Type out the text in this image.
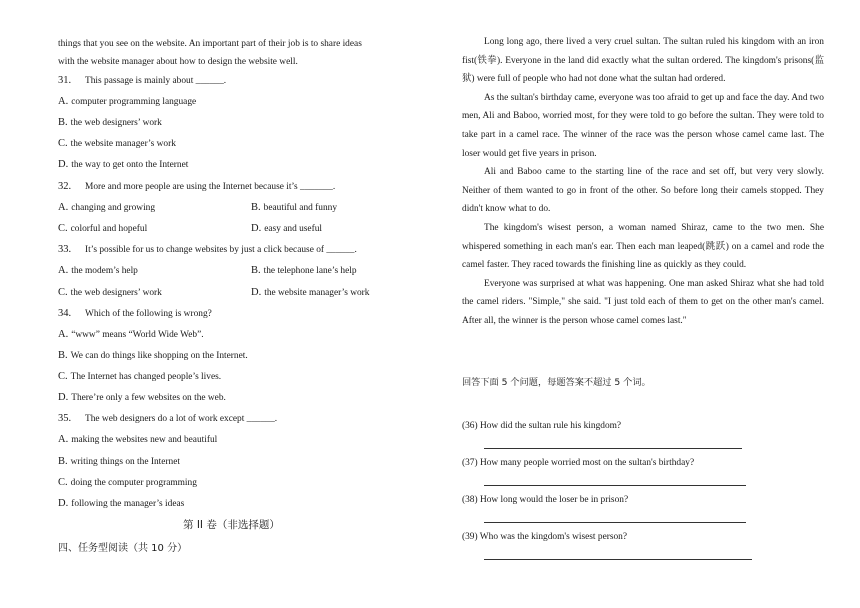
things that you see on the website. An important part of their job is to share ideas
with the website manager about how to design the website well.
31. This passage is mainly about ______.
A. computer programming language
B. the web designers’ work
C. the website manager’s work
D. the way to get onto the Internet
32. More and more people are using the Internet because it’s _______.
A. changing and growing	B. beautiful and funny
C. colorful and hopeful	D. easy and useful
33. It’s possible for us to change websites by just a click because of ______.
A. the modem’s help	B. the telephone lane’s help
C. the web designers’ work	D. the website manager’s work
34. Which of the following is wrong?
A. “www” means “World Wide Web”.
B. We can do things like shopping on the Internet.
C. The Internet has changed people’s lives.
D. There’re only a few websites on the web.
35. The web designers do a lot of work except ______.
A. making the websites new and beautiful
B. writing things on the Internet
C. doing the computer programming
D. following the manager’s ideas
第 II 卷（非选择题）
四、任务型阅读（共 10 分）

Long long ago, there lived a very cruel sultan. The sultan ruled his kingdom with an iron fist(铁拳). Everyone in the land did exactly what the sultan ordered. The kingdom's prisons(监狱) were full of people who had not done what the sultan had ordered.

As the sultan's birthday came, everyone was too afraid to get up and face the day. And two men, Ali and Baboo, worried most, for they were told to go before the sultan. They were told to take part in a camel race. The winner of the race was the person whose camel came last. The loser would get five years in prison.

Ali and Baboo came to the starting line of the race and set off, but very very slowly. Neither of them wanted to go in front of the other. So before long their camels stopped. They didn't know what to do.

The kingdom's wisest person, a woman named Shiraz, came to the two men. She whispered something in each man's ear. Then each man leaped(跳跃) on a camel and rode the camel faster. They raced towards the finishing line as quickly as they could.

Everyone was surprised at what was happening. One man asked Shiraz what she had told the camel riders. "Simple," she said. "I just told each of them to get on the other man's camel. After all, the winner is the person whose camel comes last."

回答下面 5 个问题，每题答案不超过 5 个词。
(36) How did the sultan rule his kingdom?
(37) How many people worried most on the sultan's birthday?
(38) How long would the loser be in prison?
(39) Who was the kingdom's wisest person?
